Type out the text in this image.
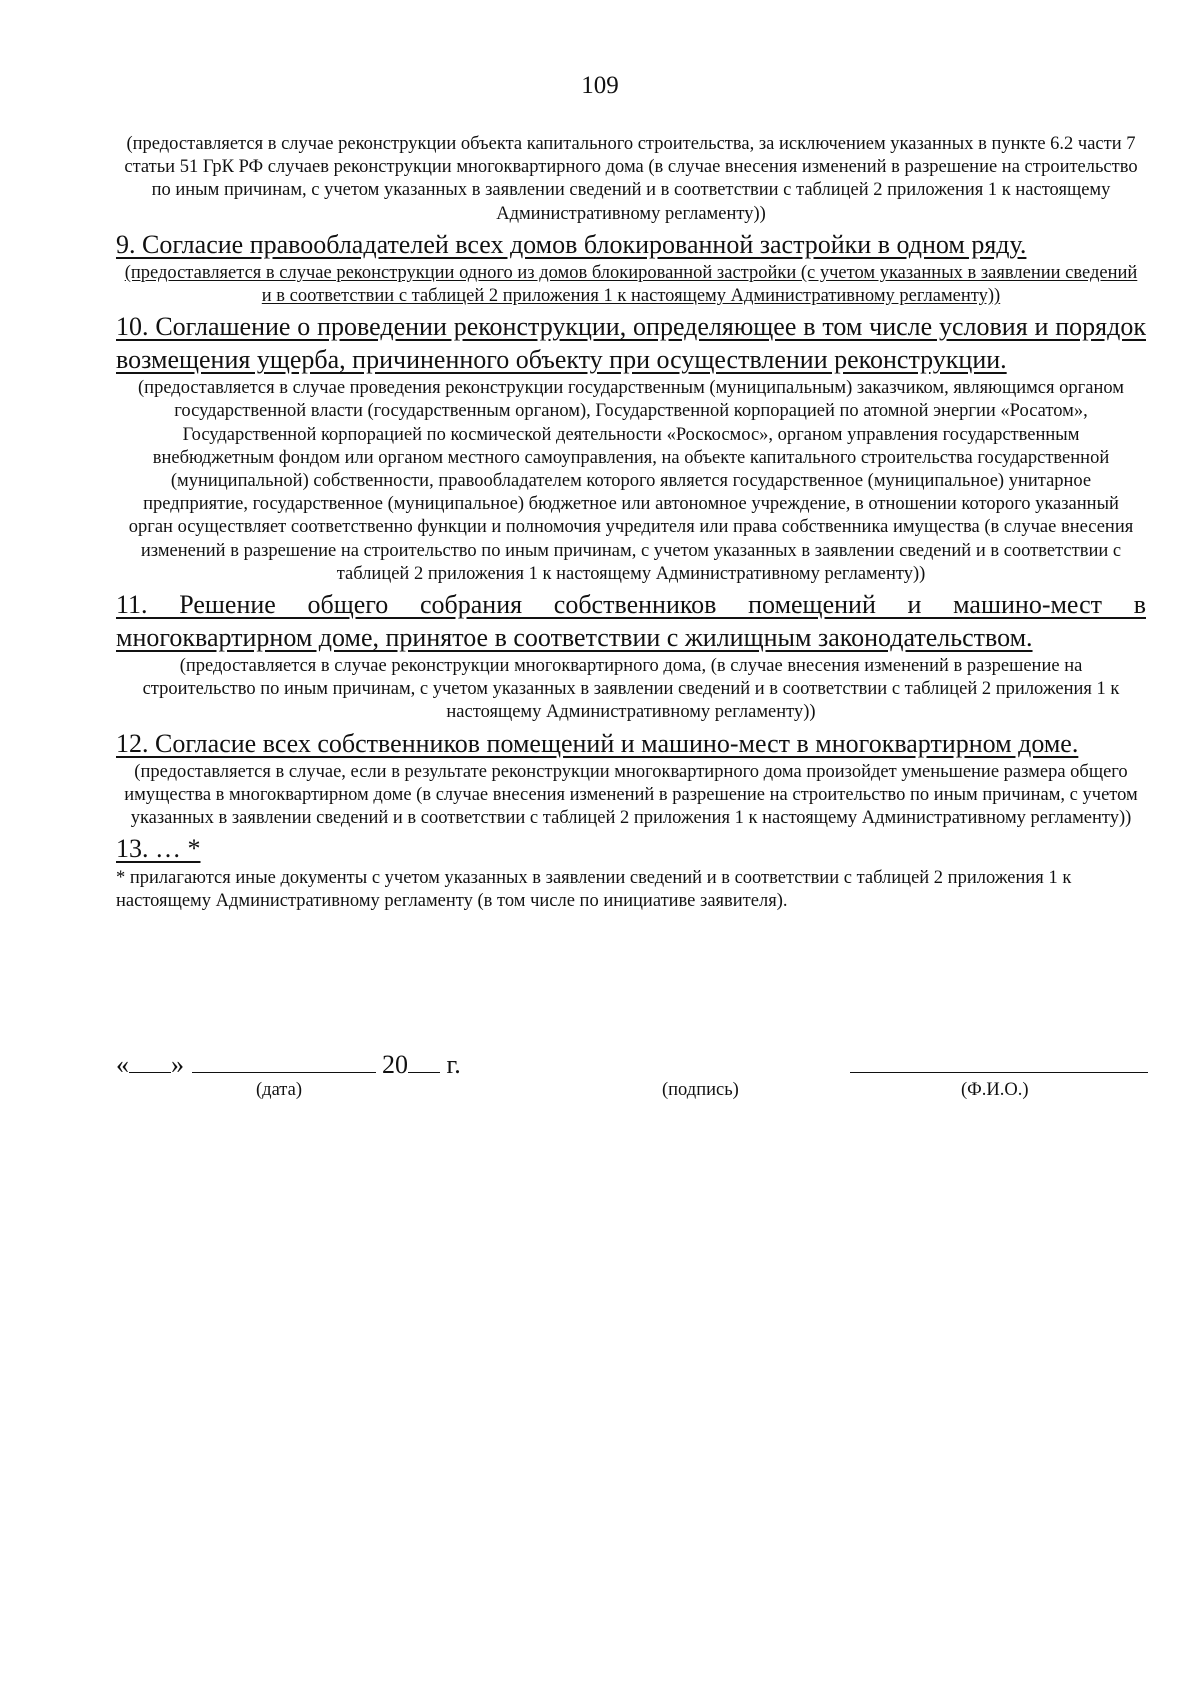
109

(предоставляется в случае реконструкции объекта капитального строительства, за исключением указанных в пункте 6.2 части 7 статьи 51 ГрК РФ случаев реконструкции многоквартирного дома (в случае внесения изменений в разрешение на строительство по иным причинам, с учетом указанных в заявлении сведений и в соответствии с таблицей 2 приложения 1 к настоящему Административному регламенту))

9. Согласие правообладателей всех домов блокированной застройки в одном ряду.

(предоставляется в случае реконструкции одного из домов блокированной застройки (с учетом указанных в заявлении сведений и в соответствии с таблицей 2 приложения 1 к настоящему Административному регламенту))

10. Соглашение о проведении реконструкции, определяющее в том числе условия и порядок возмещения ущерба, причиненного объекту при осуществлении реконструкции.

(предоставляется в случае проведения реконструкции государственным (муниципальным) заказчиком, являющимся органом государственной власти (государственным органом), Государственной корпорацией по атомной энергии «Росатом», Государственной корпорацией по космической деятельности «Роскосмос», органом управления государственным внебюджетным фондом или органом местного самоуправления, на объекте капитального строительства государственной (муниципальной) собственности, правообладателем которого является государственное (муниципальное) унитарное предприятие, государственное (муниципальное) бюджетное или автономное учреждение, в отношении которого указанный орган осуществляет соответственно функции и полномочия учредителя или права собственника имущества (в случае внесения изменений в разрешение на строительство по иным причинам, с учетом указанных в заявлении сведений и в соответствии с таблицей 2 приложения 1 к настоящему Административному регламенту))

11. Решение общего собрания собственников помещений и машино-мест в многоквартирном доме, принятое в соответствии с жилищным законодательством.

(предоставляется в случае реконструкции многоквартирного дома, (в случае внесения изменений в разрешение на строительство по иным причинам, с учетом указанных в заявлении сведений и в соответствии с таблицей 2 приложения 1 к настоящему Административному регламенту))

12. Согласие всех собственников помещений и машино-мест в многоквартирном доме.

(предоставляется в случае, если в результате реконструкции многоквартирного дома произойдет уменьшение размера общего имущества в многоквартирном доме (в случае внесения изменений в разрешение на строительство по иным причинам, с учетом указанных в заявлении сведений и в соответствии с таблицей 2 приложения 1 к настоящему Административному регламенту))

13. … *

* прилагаются иные документы с учетом указанных в заявлении сведений и в соответствии с таблицей 2 приложения 1 к настоящему Административному регламенту (в том числе по инициативе заявителя).

« »	20 г.
(дата)	(подпись)	(Ф.И.О.)
